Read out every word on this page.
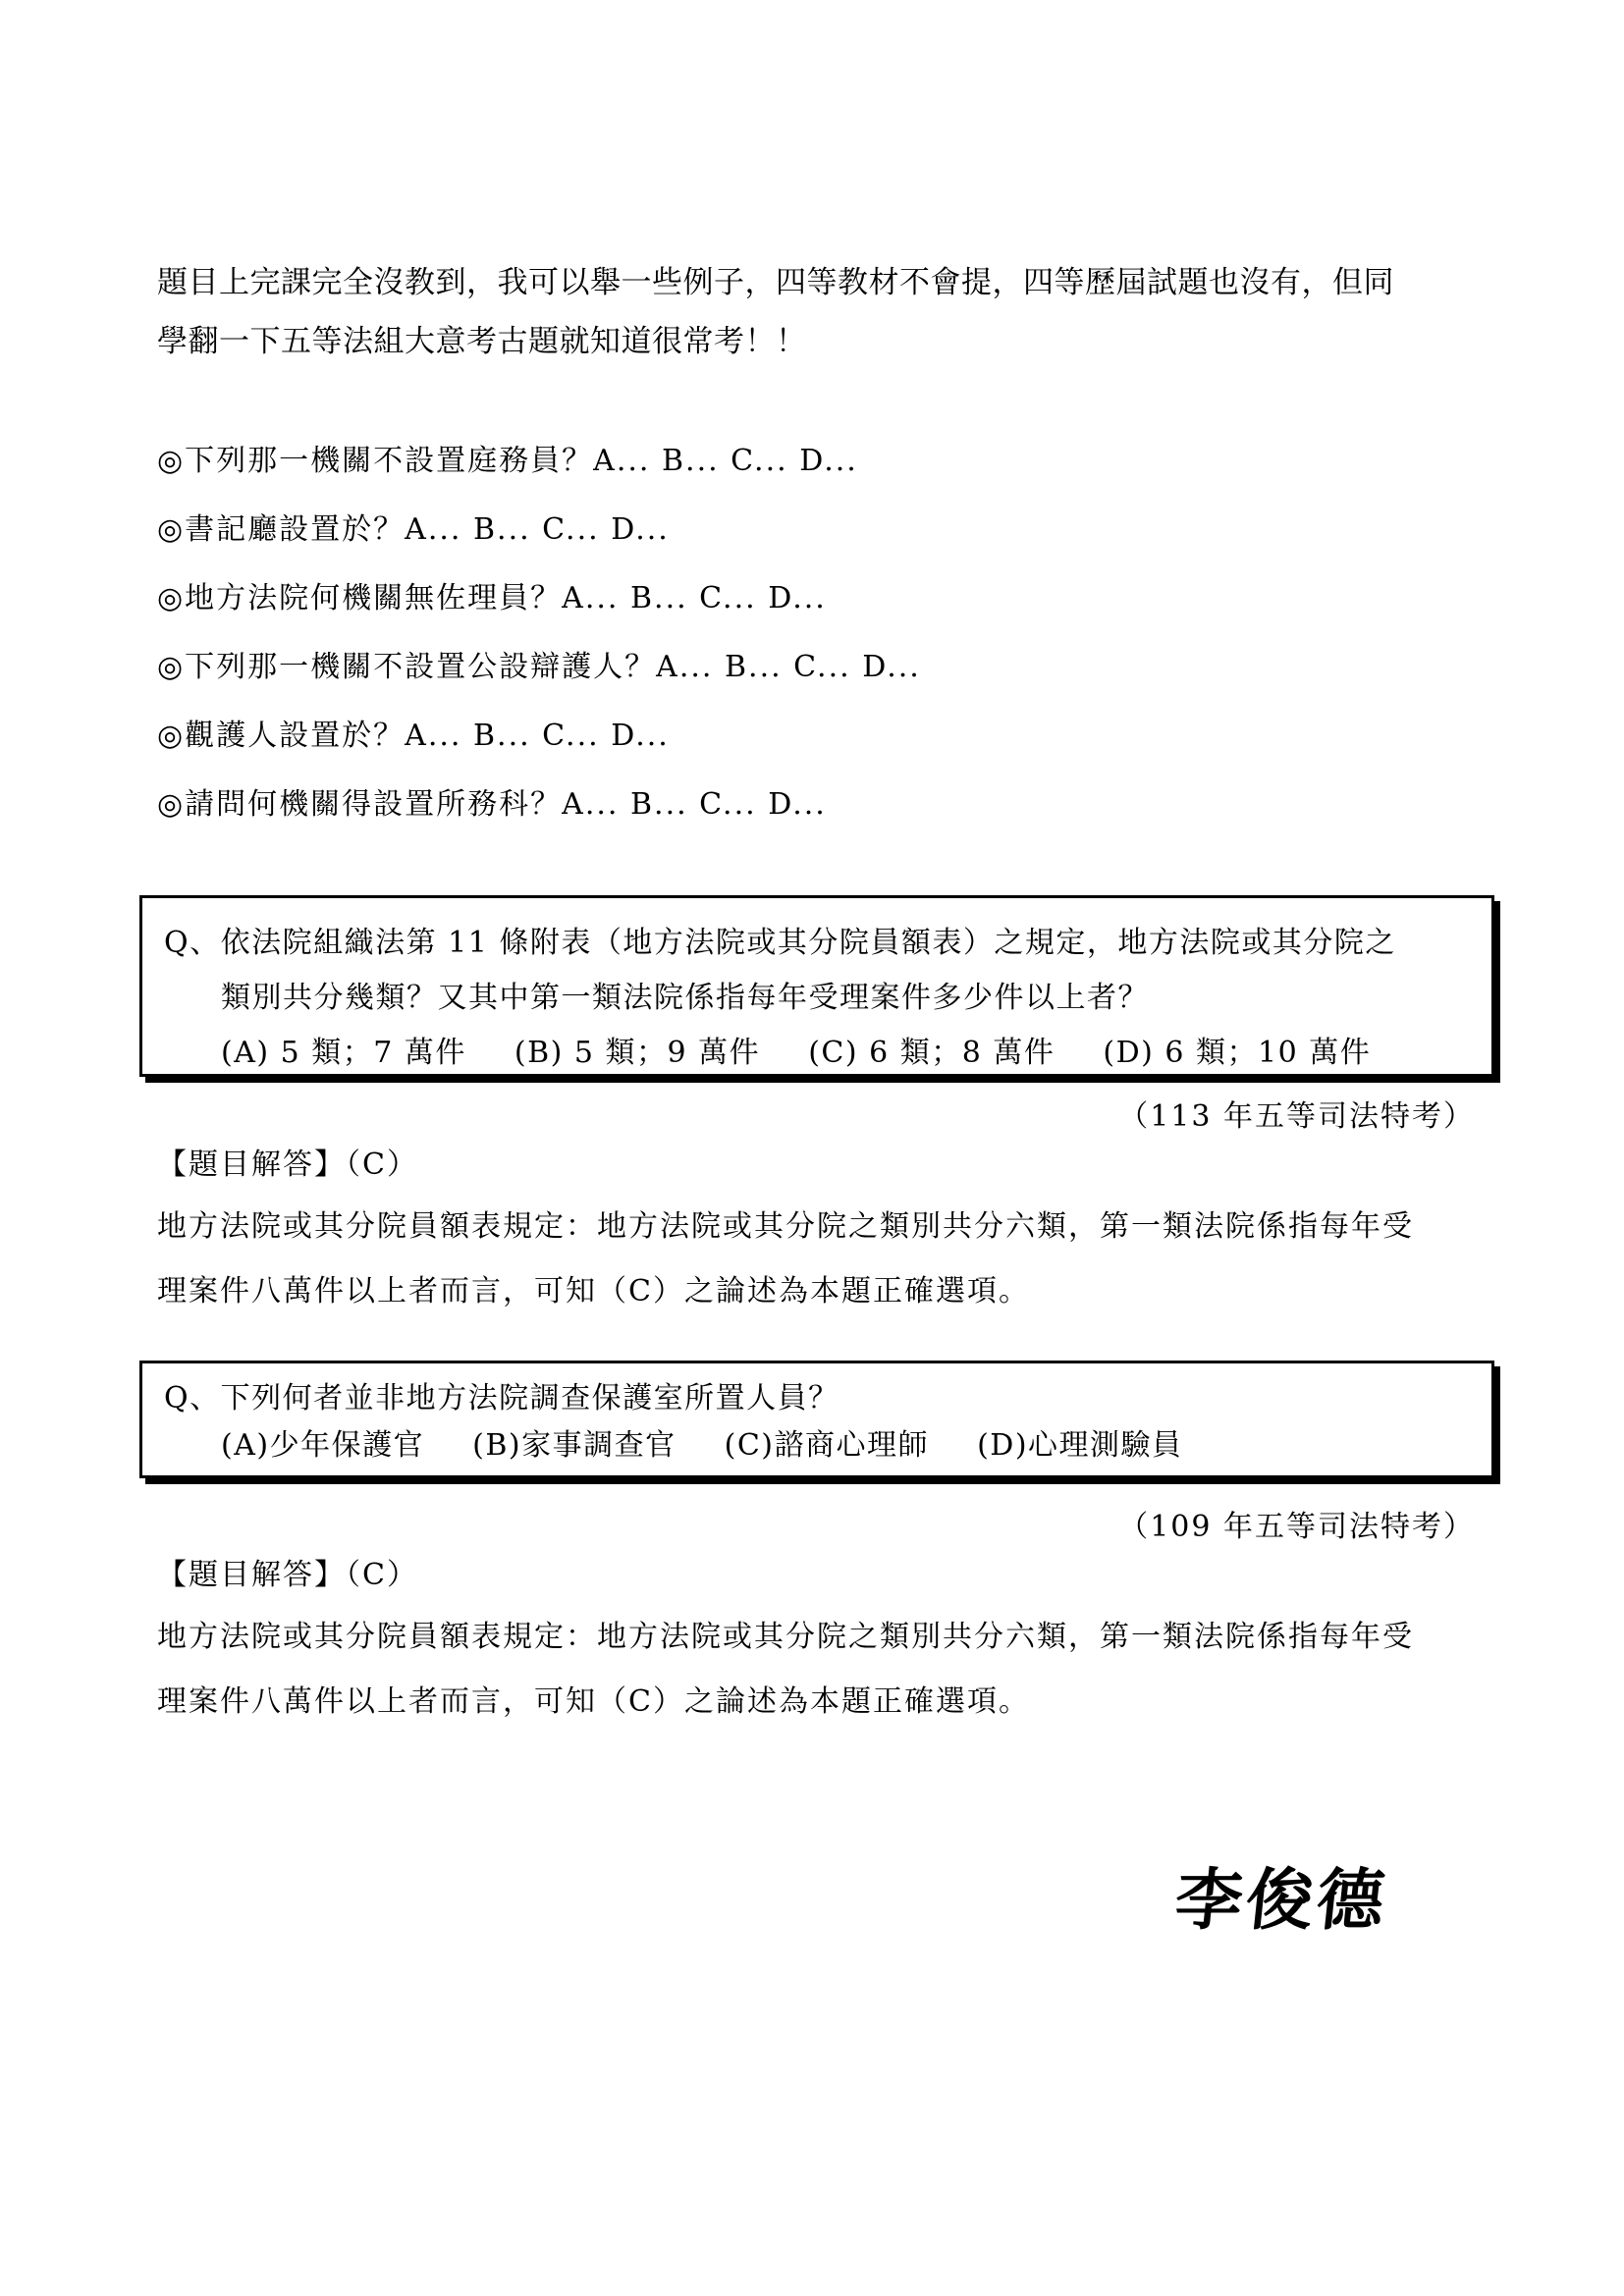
題目上完課完全沒教到，我可以舉一些例子，四等教材不會提，四等歷屆試題也沒有，但同

學翻一下五等法組大意考古題就知道很常考！！

◎下列那一機關不設置庭務員？A... B... C... D...
◎書記廳設置於？A... B... C... D...
◎地方法院何機關無佐理員？A... B... C... D...
◎下列那一機關不設置公設辯護人？A... B... C... D...
◎觀護人設置於？A... B... C... D...
◎請問何機關得設置所務科？A... B... C... D...

Q、依法院組織法第 11 條附表（地方法院或其分院員額表）之規定，地方法院或其分院之

類別共分幾類？又其中第一類法院係指每年受理案件多少件以上者？

(A) 5 類；7 萬件 (B) 5 類；9 萬件 (C) 6 類；8 萬件 (D) 6 類；10 萬件
（113 年五等司法特考）

【題目解答】（C）

地方法院或其分院員額表規定：地方法院或其分院之類別共分六類，第一類法院係指每年受

理案件八萬件以上者而言，可知（C）之論述為本題正確選項。

Q、下列何者並非地方法院調查保護室所置人員？

(A)少年保護官 (B)家事調查官 (C)諮商心理師 (D)心理測驗員
（109 年五等司法特考）

【題目解答】（C）

地方法院或其分院員額表規定：地方法院或其分院之類別共分六類，第一類法院係指每年受

理案件八萬件以上者而言，可知（C）之論述為本題正確選項。

李俊德
